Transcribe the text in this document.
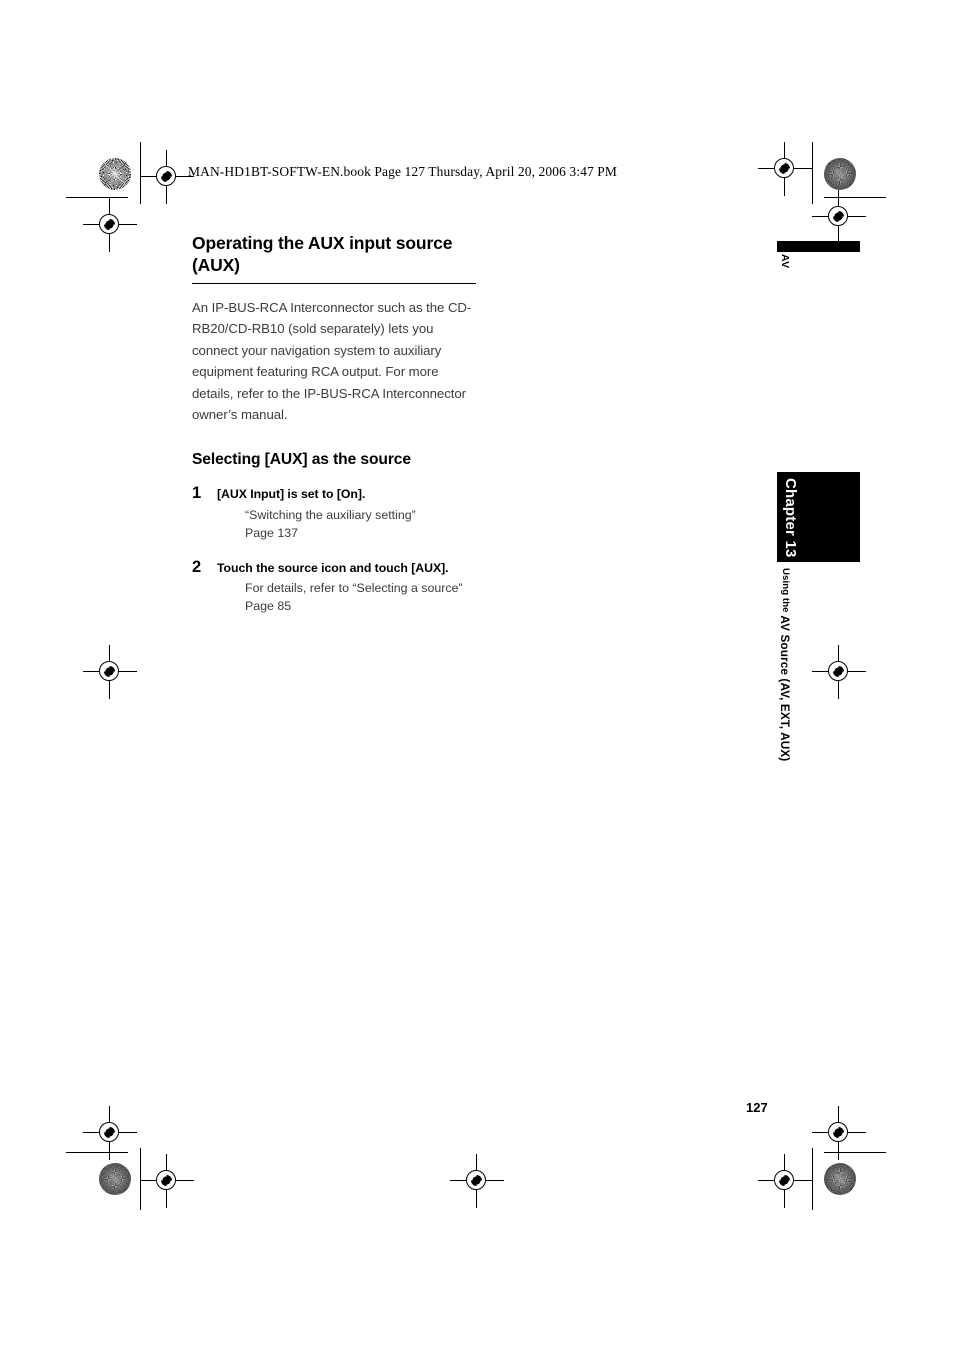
MAN-HD1BT-SOFTW-EN.book Page 127 Thursday, April 20, 2006 3:47 PM
Operating the AUX input source (AUX)

An IP-BUS-RCA Interconnector such as the CD-RB20/CD-RB10 (sold separately) lets you connect your navigation system to auxiliary equipment featuring RCA output. For more details, refer to the IP-BUS-RCA Interconnector owner’s manual.

Selecting [AUX] as the source
1 [AUX Input] is set to [On].
“Switching the auxiliary setting”
Page 137
2 Touch the source icon and touch [AUX].
For details, refer to “Selecting a source”
Page 85
AV
Chapter 13
Using the AV Source (AV, EXT, AUX)
127
